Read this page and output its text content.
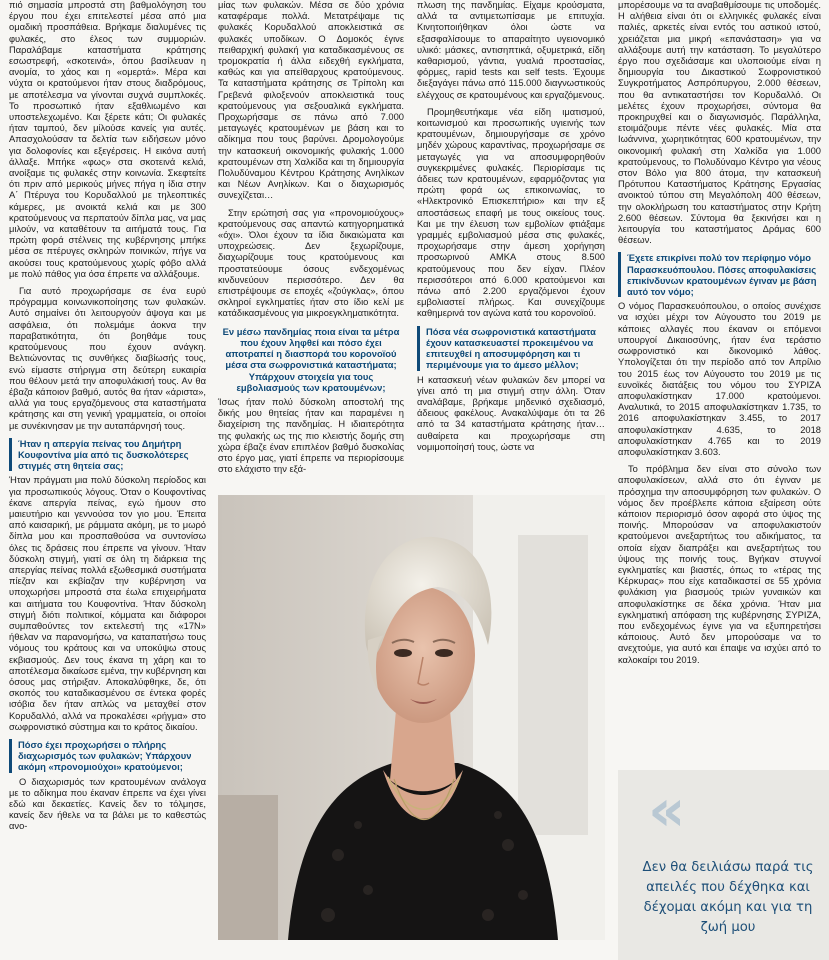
πιό σημασία μπροστά στη βαθμολόγηση του έργου που έχει επιτελεστεί μέσα από μια ομαδική προσπάθεια. Βρήκαμε διαλυμένες τις φυλακές, στο έλεος των συμμοριών. Παραλάβαμε καταστήματα κράτησης εσωστρεφή, «σκοτεινά», όπου βασίλευαν η ανομία, το χάος και η «ομερτά». Μέρα και νύχτα οι κρατούμενοι ήταν στους διαδρόμους, με αποτέλεσμα να γίνονται συχνά συμπλοκές. Το προσωπικό ήταν εξαθλιωμένο και υποστελεχωμένο. Και ξέρετε κάτι; Οι φυλακές ήταν ταμπού, δεν μίλούσε κανείς για αυτές. Απασχολούσαν τα δελτία των ειδήσεων μόνο για δολοφονίες και εξεγέρσεις. Η εικόνα αυτή άλλαξε. Μπήκε «φως» στα σκοτεινά κελιά, ανοίξαμε τις φυλακές στην κοινωνία. Σκεφτείτε ότι πριν από μερικούς μήνες πήγα η ίδια στην Α΄ Πτέρυγα του Κορυδαλλού με τηλεοπτικές κάμερες, με ανοικτά κελιά και με 300 κρατούμενους να περπατούν δίπλα μας, να μας μιλούν, να καταθέτουν τα αιτήματά τους. Για πρώτη φορά στέλνεις της κυβέρνησης μπήκε μέσα σε πτέρυγες σκληρών ποινικών, πήγε να ακούσει τους κρατούμενους χωρίς φόβο αλλά με πολύ πάθος για όσα έπρεπε να αλλάξουμε.

Για αυτό προχωρήσαμε σε ένα ευρύ πρόγραμμα κοινωνικοποίησης των φυλακών. Αυτό σημαίνει ότι λειτουργούν άψογα και με ασφάλεια, ότι πολεμάμε άοκνα την παραβατικότητα, ότι βοηθάμε τους κρατούμενους που έχουν ανάγκη. Βελτιώνοντας τις συνθήκες διαβίωσής τους, ενώ είμαστε στήριγμα στη δεύτερη ευκαιρία που θέλουν μετά την αποφυλάκισή τους. Αν θα έβαζα κάποιον βαθμό, αυτός θα ήταν «άριστα», αλλά για τους εργαζόμενους στα καταστήματα κράτησης και στη γενική γραμματεία, οι οποίοι με συνέκινησαν με την αυταπάρνησή τους.

Ήταν η απεργία πείνας του Δημήτρη Κουφοντίνα μία από τις δυσκολότερες στιγμές στη θητεία σας;

Ήταν πράγματι μια πολύ δύσκολη περίοδος και για προσωπικούς λόγους. Όταν ο Κουφοντίνας έκανε απεργία πείνας, εγώ ήμουν στο μαιευτήριο και γεννούσα τον γιο μου. Έπειτα από καισαρική, με ράμματα ακόμη, με το μωρό δίπλα μου και προσπαθούσα να συντονίσω όλες τις δράσεις που έπρεπε να γίνουν. Ήταν δύσκολη στιγμή, γιατί σε όλη τη διάρκεια της απεργίας πείνας πολλά εξωθεσμικά συστήματα πίεζαν και εκβίαζαν την κυβέρνηση να υποχωρήσει μπροστά στα έωλα επιχειρήματα και αιτήματα του Κουφοντίνα. Ήταν δύσκολη στιγμή διότι πολιτικοί, κόμματα και διάφοροι συμπαθούντες τον εκτελεστή της «17Ν» ήθελαν να παρανομήσω, να καταπατήσω τους νόμους του κράτους και να υποκύψω στους εκβιασμούς. Δεν τους έκανα τη χάρη και το αποτέλεσμα δικαίωσε εμένα, την κυβέρνηση και όσους μας στήριξαν. Αποκαλύφθηκε, δε, ότι σκοπός του καταδικασμένου σε έντεκα φορές ισόβια δεν ήταν απλώς να μεταχθεί στον Κορυδαλλό, αλλά να προκαλέσει «ρήγμα» στο σωφρονιστικό σύστημα και το κράτος δικαίου.

Πόσο έχει προχωρήσει ο πλήρης διαχωρισμός των φυλακών; Υπάρχουν ακόμη «προνομιούχοι» κρατούμενοι;

Ο διαχωρισμός των κρατουμένων ανάλογα με το αδίκημα που έκαναν έπρεπε να έχει γίνει εδώ και δεκαετίες. Κανείς δεν το τόλμησε, κανείς δεν ήθελε να τα βάλει με το καθεστώς ανο-

μίας των φυλακών. Μέσα σε δύο χρόνια καταφέραμε πολλά. Μετατρέψαμε τις φυλακές Κορυδαλλού αποκλειστικά σε φυλακές υποδίκων. Ο Δομοκός έγινε πειθαρχική φυλακή για καταδικασμένους σε τρομοκρατία ή άλλα ειδεχθή εγκλήματα, καθώς και για απείθαρχους κρατούμενους. Τα καταστήματα κράτησης σε Τρίπολη και Γρεβενά φιλοξενούν αποκλειστικά τους κρατούμενους για σεξουαλικά εγκλήματα. Προχωρήσαμε σε πάνω από 7.000 μεταγωγές κρατουμένων με βάση και το αδίκημα που τους βαρύνει. Δρομολογούμε την κατασκευή οικονομικής φυλακής 1.000 κρατουμένων στη Χαλκίδα και τη δημιουργία Πολυδύναμου Κέντρου Κράτησης Ανηλίκων και Νέων Ανηλίκων. Και ο διαχωρισμός συνεχίζεται…

Στην ερώτησή σας για «προνομιούχους» κρατούμενους σας απαντώ κατηγορηματικά «όχι». Όλοι έχουν τα ίδια δικαιώματα και υποχρεώσεις. Δεν ξεχωρίζουμε, διαχωρίζουμε τους κρατούμενους και προστατεύουμε όσους ενδεχομένως κινδυνεύουν περισσότερο. Δεν θα επιστρέψουμε σε εποχές «ζούγκλας», όπου σκληροί εγκληματίες ήταν στο ίδιο κελί με κατάδικασμένους για μικροεγκληματικότητα.

Εν μέσω πανδημίας ποια είναι τα μέτρα που έχουν ληφθεί και πόσο έχει αποτραπεί η διασπορά του κορονοϊού μέσα στα σωφρονιστικά καταστήματα; Υπάρχουν στοιχεία για τους εμβολιασμούς των κρατουμένων;

Ίσως ήταν πολύ δύσκολη αποστολή της δικής μου θητείας ήταν και παραμένει η διαχείριση της πανδημίας. Η ιδιαιτερότητα της φυλακής ως της πιο κλειστής δομής στη χώρα έβαζε έναν επιπλέον βαθμό δυσκολίας στο έργο μας, γιατί έπρεπε να περιορίσουμε στο ελάχιστο την εξά-

πλωση της πανδημίας. Είχαμε κρούσματα, αλλά τα αντιμετωπίσαμε με επιτυχία. Κινητοποιήθηκαν όλοι ώστε να εξασφαλίσουμε το απαραίτητο υγειονομικό υλικό: μάσκες, αντισηπτικά, οξυμετρικά, είδη καθαρισμού, γάντια, γυαλιά προστασίας, φόρμες, rapid tests και self tests. Έχουμε διεξαγάγει πάνω από 115.000 διαγνωστικούς ελέγχους σε κρατουμένους και εργαζόμενους.

Προμηθευτήκαμε νέα είδη ιματισμού, κοιτωνισμού και προσωπικής υγιεινής των κρατουμένων, δημιουργήσαμε σε χρόνο μηδέν χώρους καραντίνας, προχωρήσαμε σε μεταγωγές για να αποσυμφορηθούν συγκεκριμένες φυλακές. Περιορίσαμε τις άδειες των κρατουμένων, εφαρμόζοντας για πρώτη φορά ως επικοινωνίας, το «Ηλεκτρονικό Επισκεπτήριο» και την εξ αποστάσεως επαφή με τους οικείους τους. Και με την έλευση των εμβολίων φτιάξαμε γραμμές εμβολιασμού μέσα στις φυλακές, προχωρήσαμε στην άμεση χορήγηση προσωρινού ΑΜΚΑ στους 8.500 κρατούμενους που δεν είχαν. Πλέον περισσότεροι από 6.000 κρατούμενοι και πάνω από 2.200 εργαζόμενοι έχουν εμβολιαστεί πλήρως. Και συνεχίζουμε καθημερινά τον αγώνα κατά του κορονοϊού.

Πόσα νέα σωφρονιστικά καταστήματα έχουν κατασκευαστεί προκειμένου να επιτευχθεί η αποσυμφόρηση και τι περιμένουμε για το άμεσο μέλλον;

Η κατασκευή νέων φυλακών δεν μπορεί να γίνει από τη μια στιγμή στην άλλη. Όταν αναλάβαμε, βρήκαμε μηδενικό σχεδιασμό, άδειους φακέλους. Ανακαλύψαμε ότι τα 26 από τα 34 καταστήματα κράτησης ήταν… αυθαίρετα και προχωρήσαμε στη νομιμοποίησή τους, ώστε να

μπορέσουμε να τα αναβαθμίσουμε τις υποδομές. Η αλήθεια είναι ότι οι ελληνικές φυλακές είναι παλιές, αρκετές είναι εντός του αστικού ιστού, χρειάζεται μια μικρή «επανάσταση» για να αλλάξουμε αυτή την κατάσταση. Το μεγαλύτερο έργο που σχεδιάσαμε και υλοποιούμε είναι η δημιουργία του Δικαστικού Σωφρονιστικού Συγκροτήματος Ασπρόπυργου, 2.000 θέσεων, που θα αντικαταστήσει τον Κορυδαλλό. Οι μελέτες έχουν προχωρήσει, σύντομα θα προκηρυχθεί και ο διαγωνισμός. Παράλληλα, ετοιμάζουμε πέντε νέες φυλακές. Μία στα Ιωάννινα, χωρητικότητας 600 κρατουμένων, την οικονομική φυλακή στη Χαλκίδα για 1.000 κρατούμενους, το Πολυδύναμο Κέντρο για νέους στον Βόλο για 800 άτομα, την κατασκευή Πρότυπου Καταστήματος Κράτησης Εργασίας ανοικτού τύπου στη Μεγαλόπολη 400 θέσεων, την ολοκλήρωση του καταστήματος στην Κρήτη 2.600 θέσεων. Σύντομα θα ξεκινήσει και η λειτουργία του καταστήματος Δράμας 600 θέσεων.

Έχετε επικρίνει πολύ τον περίφημο νόμο Παρασκευόπουλου. Πόσες αποφυλακίσεις επικίνδυνων κρατουμένων έγιναν με βάση αυτό τον νόμο;

Ο νόμος Παρασκευόπουλου, ο οποίος συνέχισε να ισχύει μέχρι τον Αύγουστο του 2019 με κάποιες αλλαγές που έκαναν οι επόμενοι υπουργοί Δικαιοσύνης, ήταν ένα τεράστιο σωφρονιστικό και δικονομικό λάθος. Υπολογίζεται ότι την περίοδο από τον Απρίλιο του 2015 έως τον Αύγουστο του 2019 με τις ευνοϊκές διατάξεις του νόμου του ΣΥΡΙΖΑ αποφυλακίστηκαν 17.000 κρατούμενοι. Αναλυτικά, το 2015 αποφυλακίστηκαν 1.735, το 2016 αποφυλακίστηκαν 3.455, το 2017 αποφυλακίστηκαν 4.635, το 2018 αποφυλακίστηκαν 4.765 και το 2019 αποφυλακίστηκαν 3.603.

Το πρόβλημα δεν είναι στο σύνολο των αποφυλακίσεων, αλλά στο ότι έγιναν με πρόσχημα την αποσυμφόρηση των φυλακών. Ο νόμος δεν προέβλεπε κάποια εξαίρεση ούτε κάποιον περιορισμό όσον αφορά στο ύψος της ποινής. Μπορούσαν να αποφυλακιστούν κρατούμενοι ανεξαρτήτως του αδικήματος, τα οποία είχαν διαπράξει και ανεξαρτήτως του ύψους της ποινής τους. Βγήκαν στυγνοί εγκληματίες και βιαστές, όπως το «τέρας της Κέρκυρας» που είχε καταδικαστεί σε 55 χρόνια φυλάκιση για βιασμούς τριών γυναικών και αποφυλακίστηκε σε δέκα χρόνια. Ήταν μια εγκληματική απόφαση της κυβέρνησης ΣΥΡΙΖΑ, που ενδεχομένως έγινε για να εξυπηρετήσει κάποιους. Αυτό δεν μπορούσαμε να το ανεχτούμε, για αυτό και έπαψε να ισχύει από το καλοκαίρι του 2019.

«
Δεν θα δειλιάσω παρά τις απειλές που δέχθηκα και δέχομαι ακόμη και για τη ζωή μου
